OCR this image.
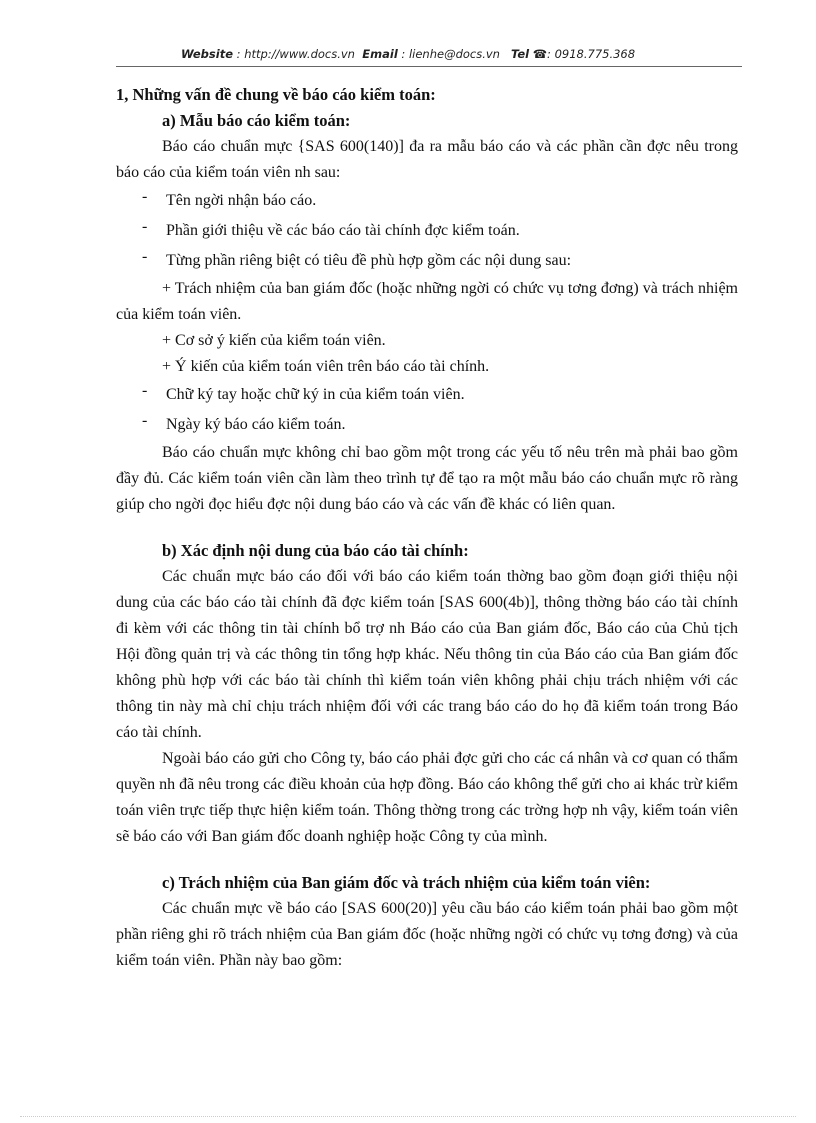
Website : http://www.docs.vn Email : lienhe@docs.vn Tel ☎: 0918.775.368

1, Những vấn đề chung về báo cáo kiểm toán:

a) Mẫu báo cáo kiểm toán:

Báo cáo chuẩn mực {SAS 600(140)] đa ra mẫu báo cáo và các phần cần đợc nêu trong báo cáo của kiểm toán viên nh sau:

- Tên ngời nhận báo cáo.

- Phần giới thiệu về các báo cáo tài chính đợc kiểm toán.

- Từng phần riêng biệt có tiêu đề phù hợp gồm các nội dung sau:

+ Trách nhiệm của ban giám đốc (hoặc những ngời có chức vụ tơng đơng) và trách nhiệm của kiểm toán viên.

+ Cơ sở ý kiến của kiểm toán viên.

+ Ý kiến của kiểm toán viên trên báo cáo tài chính.

- Chữ ký tay hoặc chữ ký in của kiểm toán viên.

- Ngày ký báo cáo kiểm toán.

Báo cáo chuẩn mực không chỉ bao gồm một trong các yếu tố nêu trên mà phải bao gồm đầy đủ. Các kiểm toán viên cần làm theo trình tự để tạo ra một mẫu báo cáo chuẩn mực rõ ràng giúp cho ngời đọc hiểu đợc nội dung báo cáo và các vấn đề khác có liên quan.

b) Xác định nội dung của báo cáo tài chính:

Các chuẩn mực báo cáo đối với báo cáo kiểm toán thờng bao gồm đoạn giới thiệu nội dung của các báo cáo tài chính đã đợc kiểm toán [SAS 600(4b)], thông thờng báo cáo tài chính đi kèm với các thông tin tài chính bổ trợ nh Báo cáo của Ban giám đốc, Báo cáo của Chủ tịch Hội đồng quản trị và các thông tin tổng hợp khác. Nếu thông tin của Báo cáo của Ban giám đốc không phù hợp với các báo tài chính thì kiểm toán viên không phải chịu trách nhiệm với các thông tin này mà chỉ chịu trách nhiệm đối với các trang báo cáo do họ đã kiểm toán trong Báo cáo tài chính.

Ngoài báo cáo gửi cho Công ty, báo cáo phải đợc gửi cho các cá nhân và cơ quan có thẩm quyền nh đã nêu trong các điều khoản của hợp đồng. Báo cáo không thể gửi cho ai khác trừ kiểm toán viên trực tiếp thực hiện kiểm toán. Thông thờng trong các trờng hợp nh vậy, kiểm toán viên sẽ báo cáo với Ban giám đốc doanh nghiệp hoặc Công ty của mình.

c) Trách nhiệm của Ban giám đốc và trách nhiệm của kiểm toán viên:

Các chuẩn mực về báo cáo [SAS 600(20)] yêu cầu báo cáo kiểm toán phải bao gồm một phần riêng ghi rõ trách nhiệm của Ban giám đốc (hoặc những ngời có chức vụ tơng đơng) và của kiểm toán viên. Phần này bao gồm:
